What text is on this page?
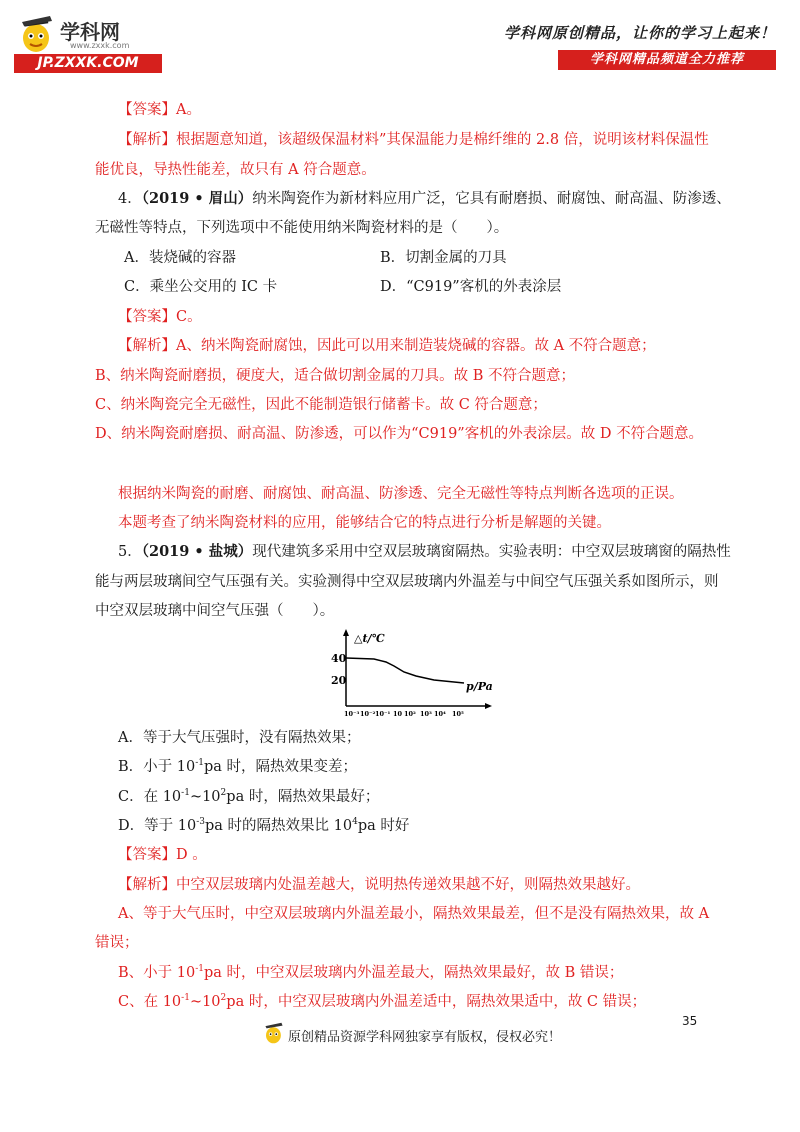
学科网
www.zxxk.com
JP.ZXXK.COM
学科网原创精品，让你的学习上起来！
学科网精品频道全力推荐
【答案】A。
【解析】根据题意知道，该超级保温材料”其保温能力是棉纤维的 2.8 倍，说明该材料保温性
能优良，导热性能差，故只有 A 符合题意。
4．（2019 • 眉山）纳米陶瓷作为新材料应用广泛，它具有耐磨损、耐腐蚀、耐高温、防渗透、
无磁性等特点，下列选项中不能使用纳米陶瓷材料的是（　　）。
A．装烧碱的容器	B．切割金属的刀具
C．乘坐公交用的 IC 卡	D．“C919”客机的外表涂层
【答案】C。
【解析】A、纳米陶瓷耐腐蚀，因此可以用来制造装烧碱的容器。故 A 不符合题意；
B、纳米陶瓷耐磨损，硬度大，适合做切割金属的刀具。故 B 不符合题意；
C、纳米陶瓷完全无磁性，因此不能制造银行储蓄卡。故 C 符合题意；
D、纳米陶瓷耐磨损、耐高温、防渗透，可以作为“C919”客机的外表涂层。故 D 不符合题意。
根据纳米陶瓷的耐磨、耐腐蚀、耐高温、防渗透、完全无磁性等特点判断各选项的正误。
本题考查了纳米陶瓷材料的应用，能够结合它的特点进行分析是解题的关键。
5．（2019 • 盐城）现代建筑多采用中空双层玻璃窗隔热。实验表明：中空双层玻璃窗的隔热性
能与两层玻璃间空气压强有关。实验测得中空双层玻璃内外温差与中间空气压强关系如图所示，则
中空双层玻璃中间空气压强（　　）。
△t/℃
p/Pa
40
20
10⁻³ 10⁻² 10⁻¹ 10 10² 10³ 10⁴ 10⁵
A．等于大气压强时，没有隔热效果；
B．小于 $10^{-1}pa$ 时，隔热效果变差；
C．在 $10^{-1}\sim 10^2pa$ 时，隔热效果最好；
D．等于 $10^{-3}pa$ 时的隔热效果比 $10^4pa$ 时好
【答案】D 。
【解析】中空双层玻璃内处温差越大，说明热传递效果越不好，则隔热效果越好。
A、等于大气压时，中空双层玻璃内外温差最小，隔热效果最差，但不是没有隔热效果，故 A
错误；
B、小于 $10^{-1}pa$ 时，中空双层玻璃内外温差最大，隔热效果最好，故 B 错误；
C、在 $10^{-1}\sim 10^2pa$ 时，中空双层玻璃内外温差适中，隔热效果适中，故 C 错误；
35
原创精品资源学科网独家享有版权，侵权必究！
